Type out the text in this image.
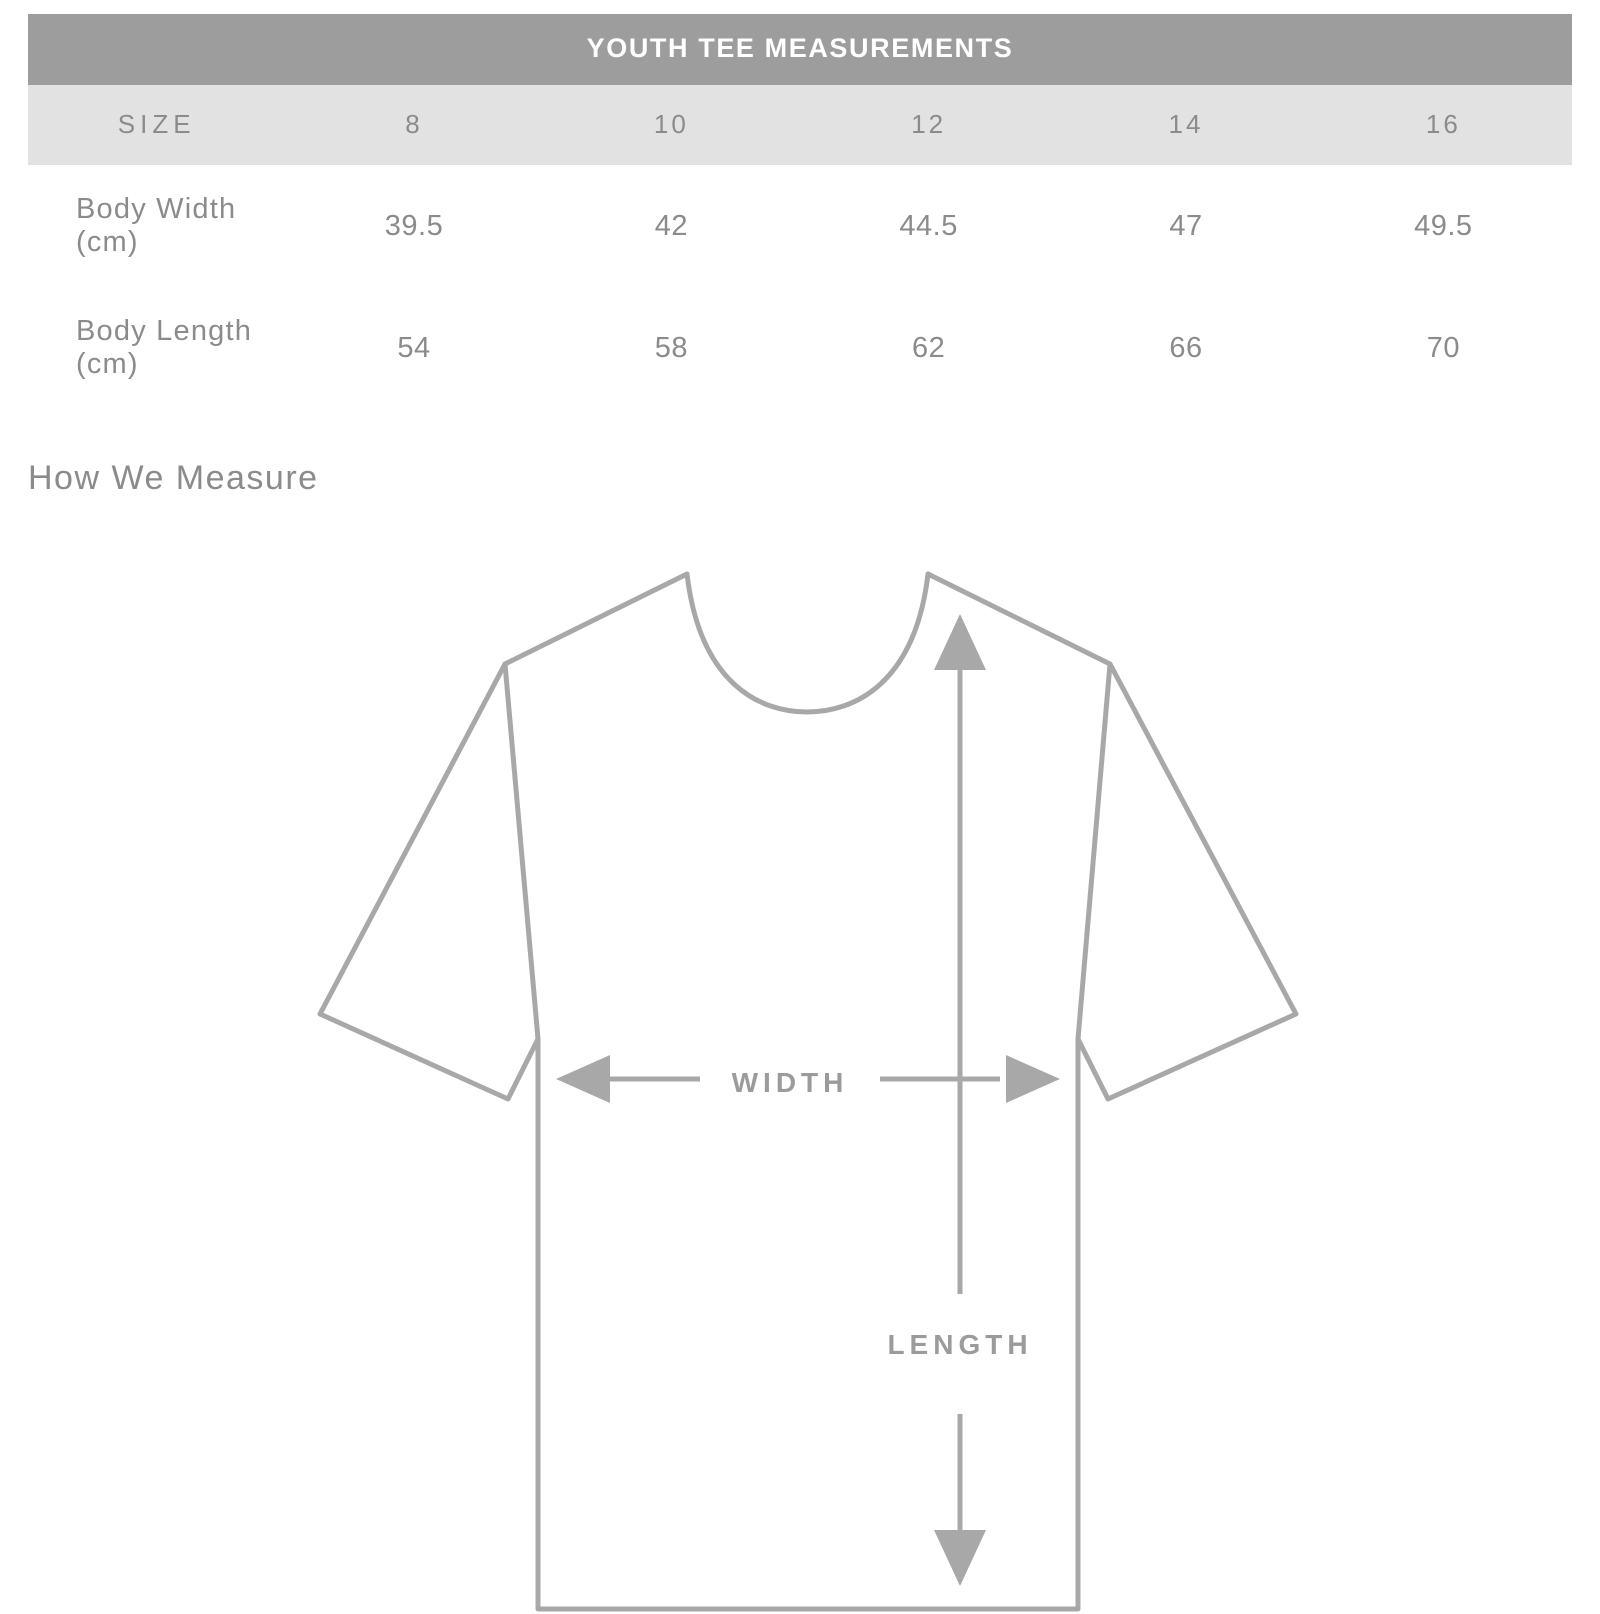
YOUTH TEE MEASUREMENTS					
SIZE	8	10	12	14	16
Body Width (cm)	39.5	42	44.5	47	49.5
Body Length (cm)	54	58	62	66	70
How We Measure
WIDTH
LENGTH
